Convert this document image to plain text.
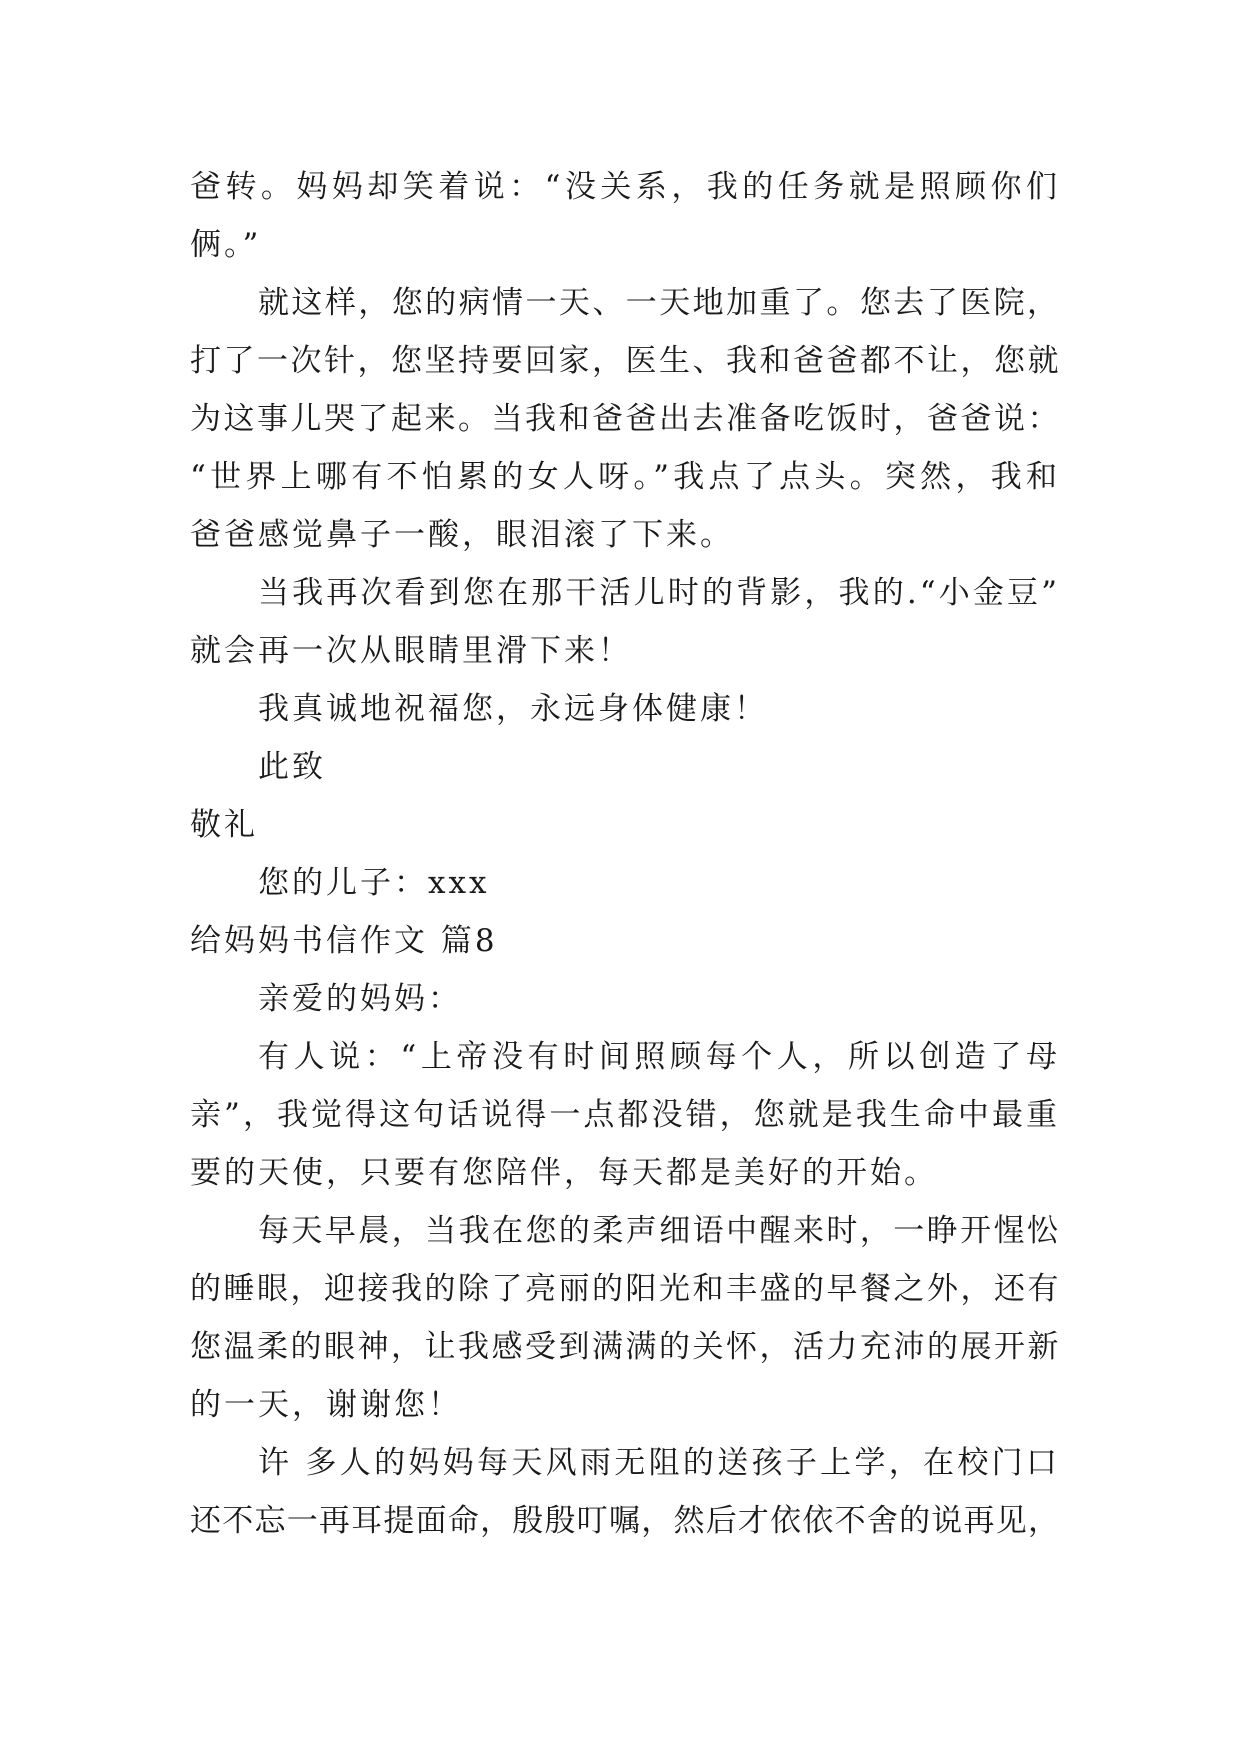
爸转。妈妈却笑着说：“没关系，我的任务就是照顾你们
俩。”
就这样，您的病情一天、一天地加重了。您去了医院，
打了一次针，您坚持要回家，医生、我和爸爸都不让，您就
为这事儿哭了起来。当我和爸爸出去准备吃饭时，爸爸说：
“世界上哪有不怕累的女人呀。”我点了点头。突然，我和
爸爸感觉鼻子一酸，眼泪滚了下来。
当我再次看到您在那干活儿时的背影，我的.“小金豆”
就会再一次从眼睛里滑下来！
我真诚地祝福您，永远身体健康！
此致
敬礼
您的儿子：xxx
给妈妈书信作文 篇8
亲爱的妈妈：
有人说：“上帝没有时间照顾每个人，所以创造了母
亲”，我觉得这句话说得一点都没错，您就是我生命中最重
要的天使，只要有您陪伴，每天都是美好的开始。
每天早晨，当我在您的柔声细语中醒来时，一睁开惺忪
的睡眼，迎接我的除了亮丽的阳光和丰盛的早餐之外，还有
您温柔的眼神，让我感受到满满的关怀，活力充沛的展开新
的一天，谢谢您！
许 多人的妈妈每天风雨无阻的送孩子上学，在校门口
还不忘一再耳提面命，殷殷叮嘱，然后才依依不舍的说再见，
